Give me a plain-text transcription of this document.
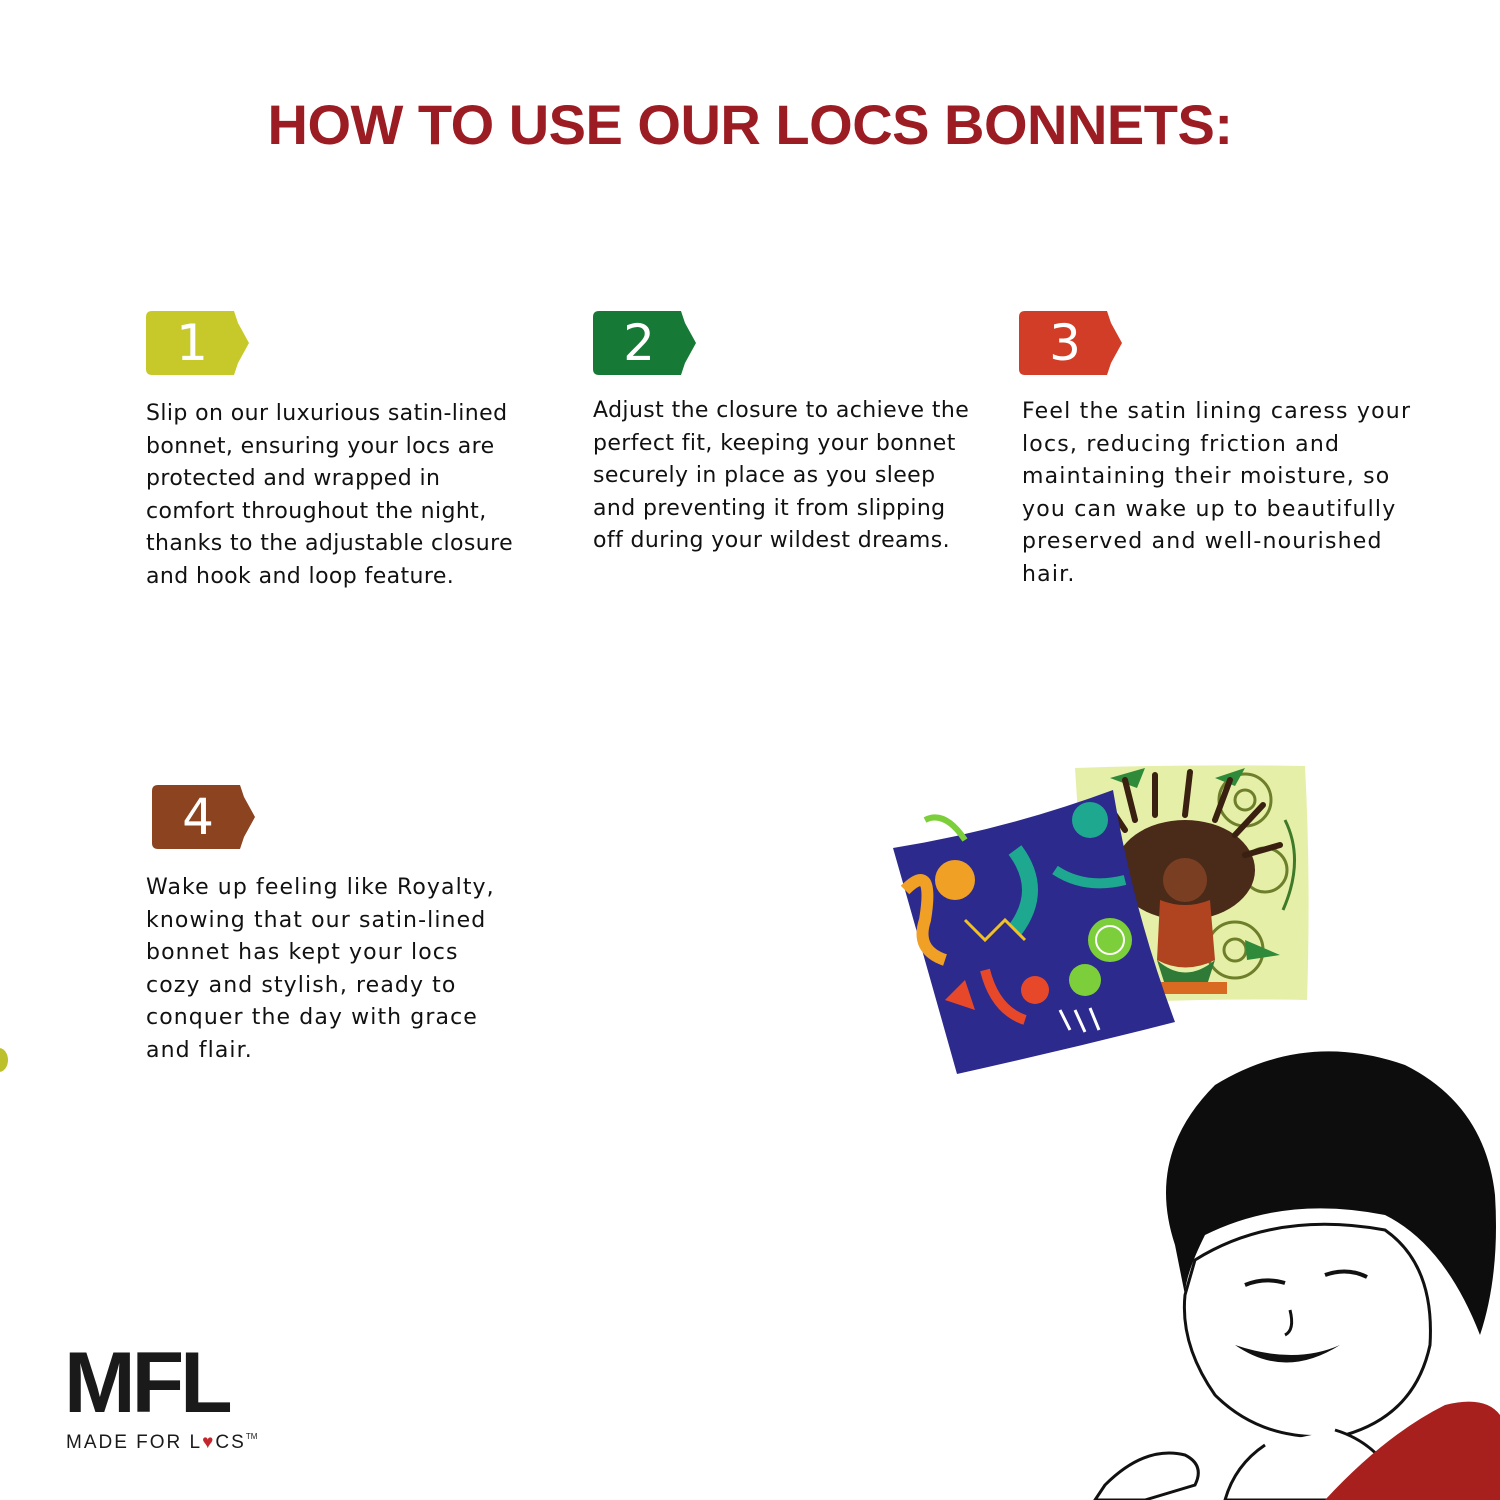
HOW TO USE OUR LOCS BONNETS:
1

Slip on our luxurious satin-lined bonnet, ensuring your locs are protected and wrapped in comfort throughout the night, thanks to the adjustable closure and hook and loop feature.

2

Adjust the closure to achieve the perfect fit, keeping your bonnet securely in place as you sleep and preventing it from slipping off during your wildest dreams.

3

Feel the satin lining caress your locs, reducing friction and maintaining their moisture, so you can wake up to beautifully preserved and well-nourished hair.

4

Wake up feeling like Royalty, knowing that our satin-lined bonnet has kept your locs cozy and stylish, ready to conquer the day with grace and flair.

MFL
MADE FOR L♥CS™
